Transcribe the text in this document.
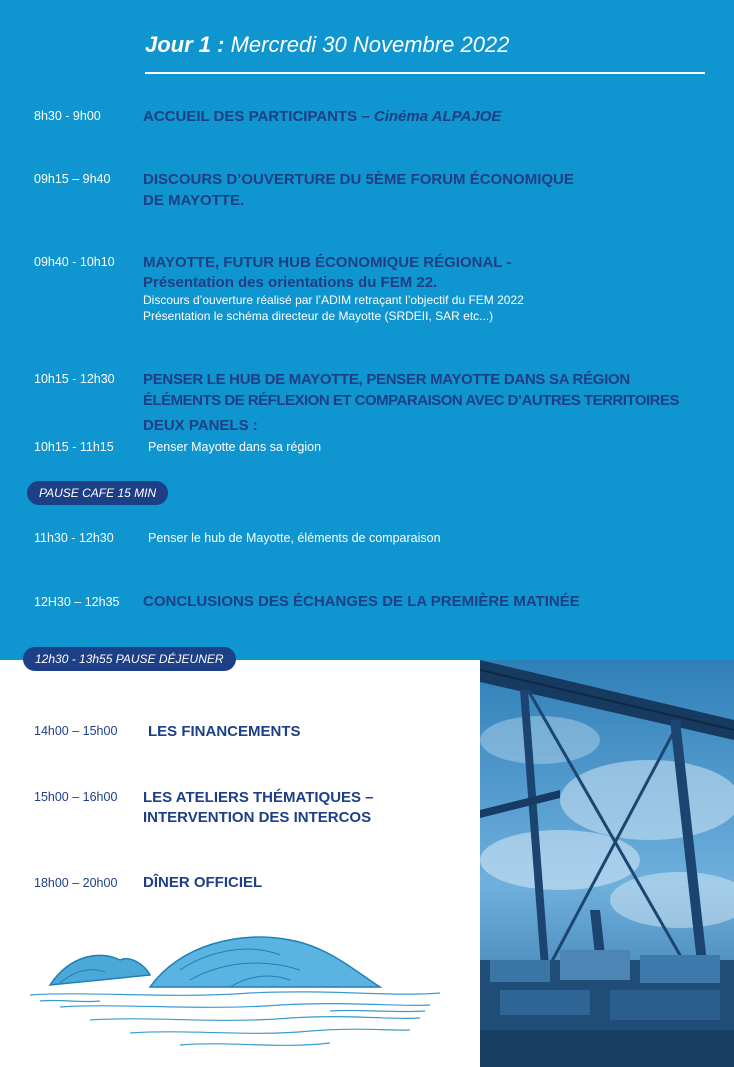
Jour 1 : Mercredi 30 Novembre 2022
8h30 - 9h00	ACCUEIL DES PARTICIPANTS – Cinéma ALPAJOE
09h15 – 9h40 DISCOURS D’OUVERTURE DU 5ÈME FORUM ÉCONOMIQUE
DE MAYOTTE.
09h40 - 10h10 MAYOTTE, FUTUR HUB ÉCONOMIQUE RÉGIONAL -
Présentation des orientations du FEM 22.
Discours d’ouverture réalisé par l’ADIM retraçant l’objectif du FEM 2022
Présentation le schéma directeur de Mayotte (SRDEII, SAR etc...)
10h15 - 12h30 PENSER LE HUB DE MAYOTTE, PENSER MAYOTTE DANS SA RÉGION
ÉLÉMENTS DE RÉFLEXION ET COMPARAISON AVEC D’AUTRES TERRITOIRES
DEUX PANELS :
10h15 - 11h15	Penser Mayotte dans sa région
PAUSE CAFE 15 MIN
11h30 - 12h30	Penser le hub de Mayotte, éléments de comparaison
12H30 – 12h35 CONCLUSIONS DES ÉCHANGES DE LA PREMIÈRE MATINÉE
12h30 - 13h55 PAUSE DÉJEUNER
14h00 – 15h00 LES FINANCEMENTS
15h00 – 16h00 LES ATELIERS THÉMATIQUES –
INTERVENTION DES INTERCOS
18h00 – 20h00 DÎNER OFFICIEL
